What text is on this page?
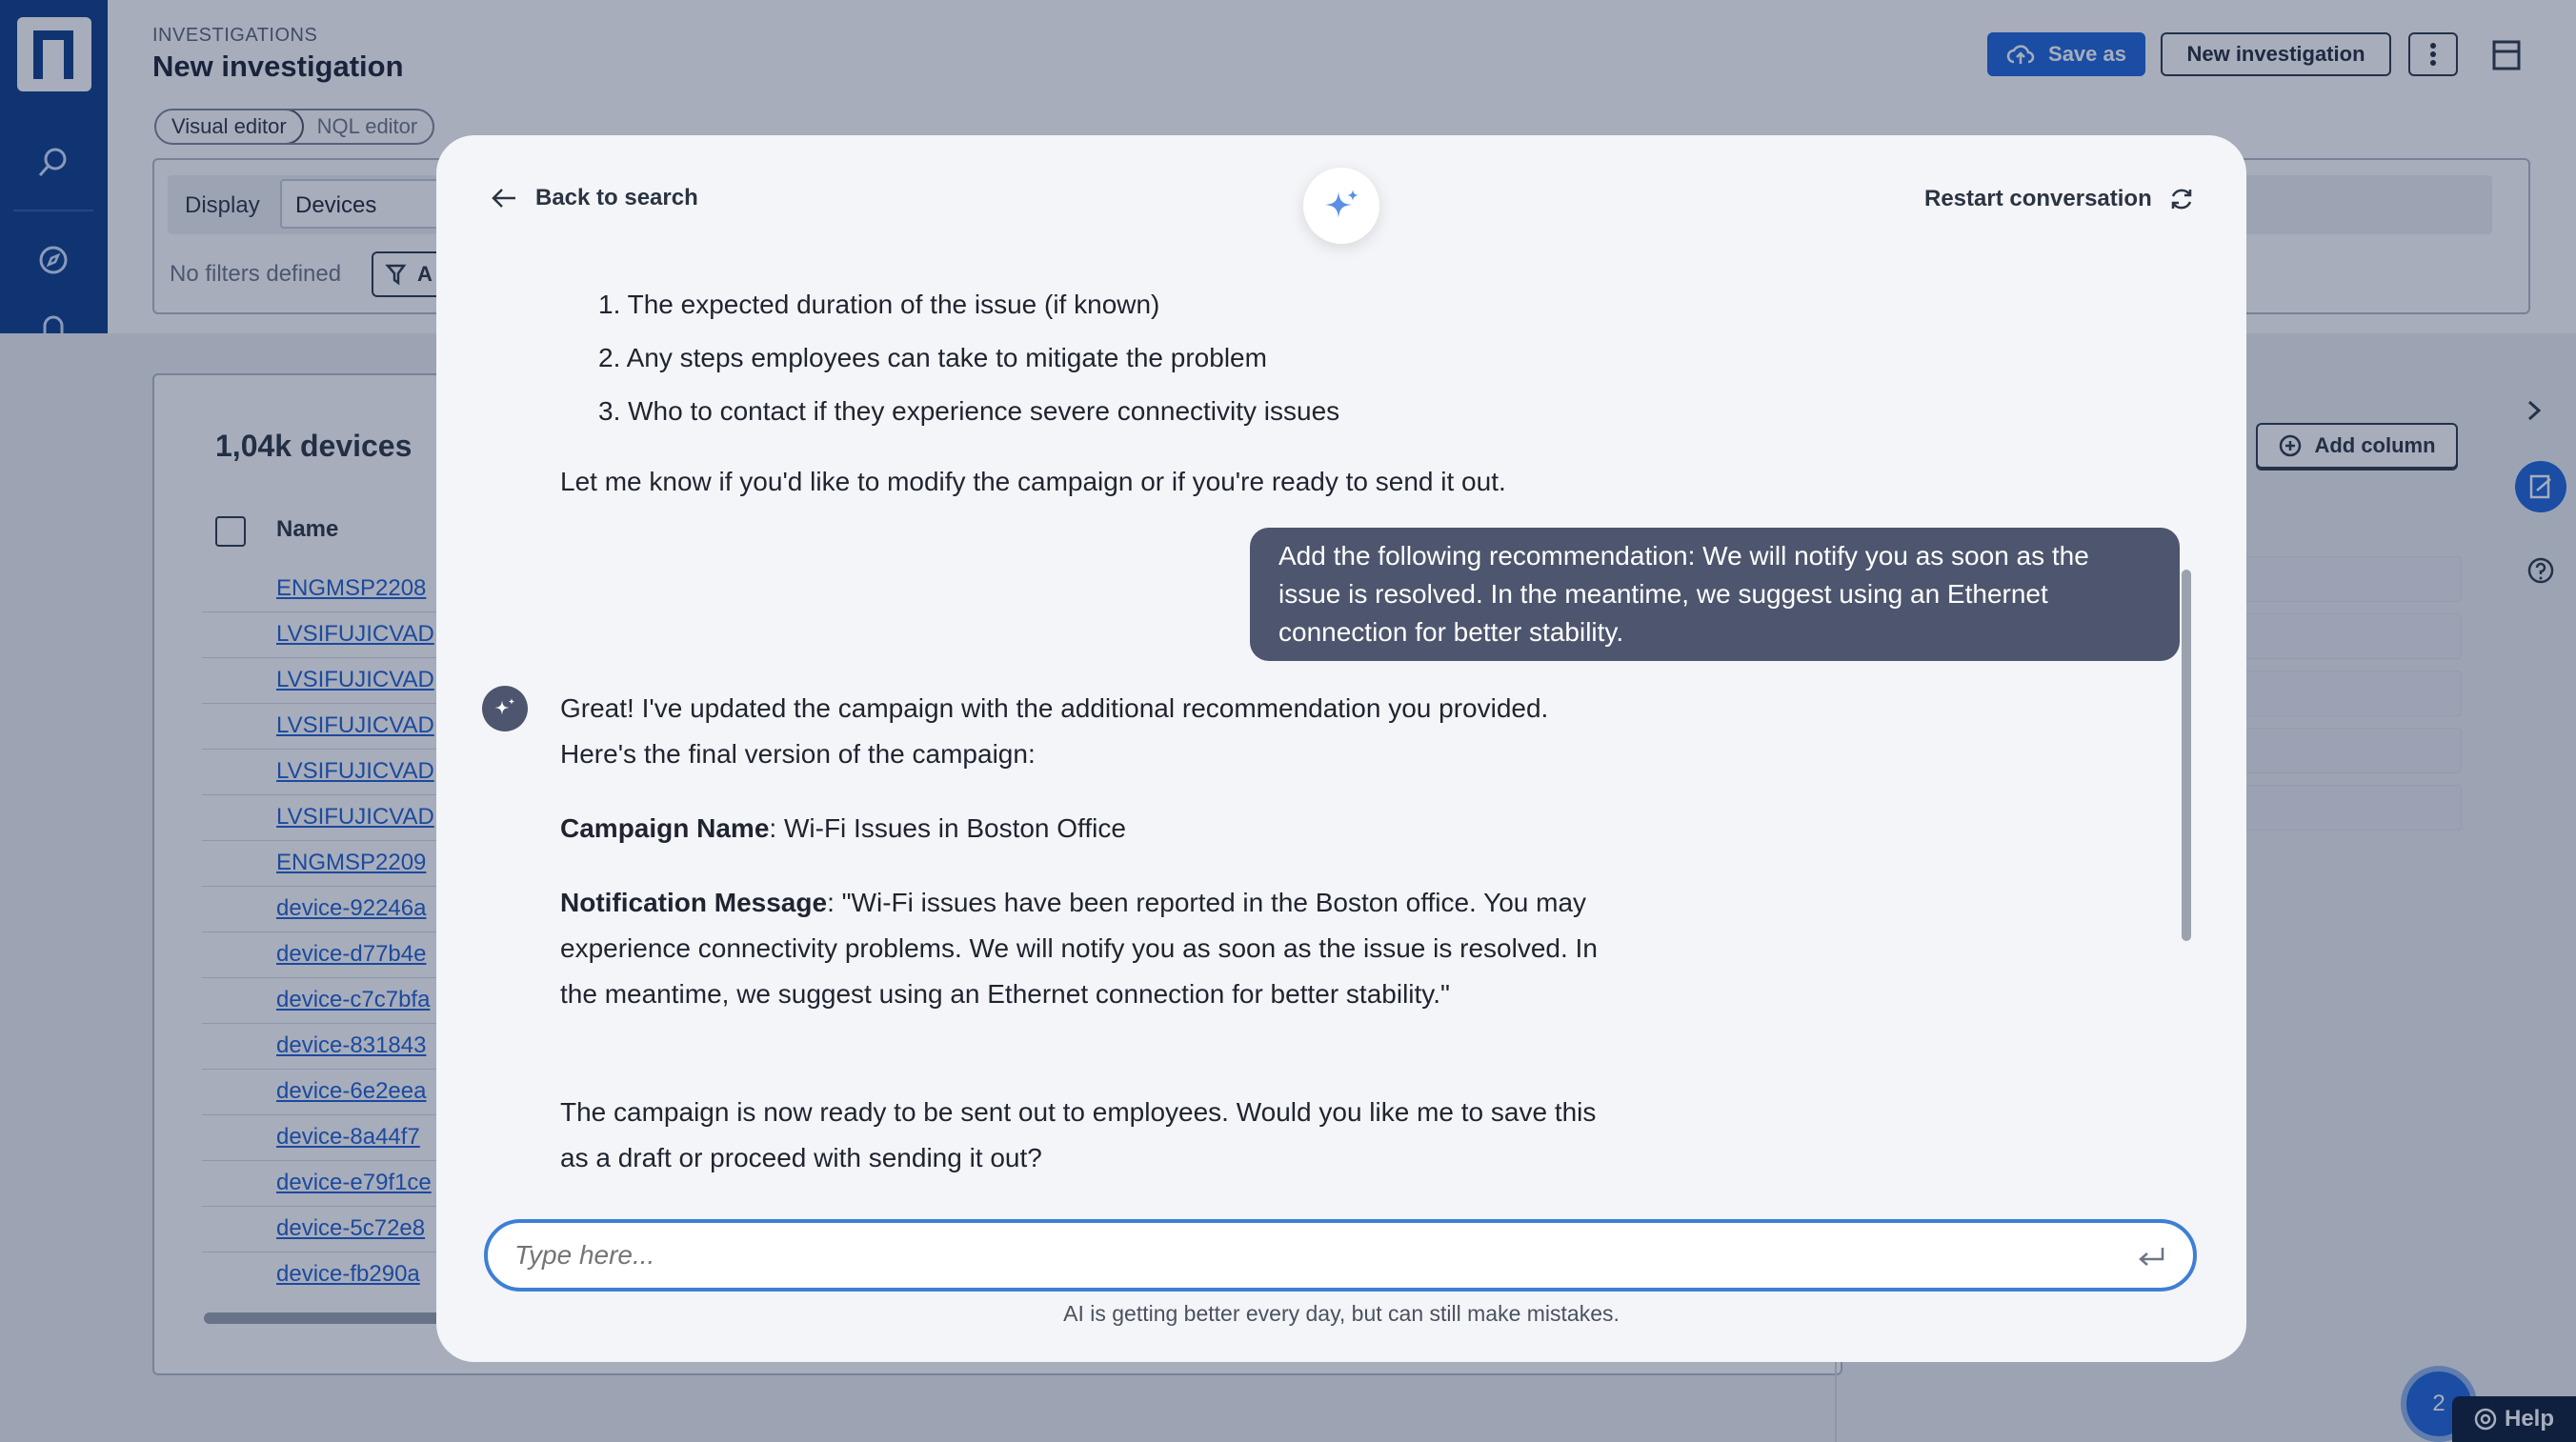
INVESTIGATIONS
New investigation	Save as	New investigation
Visual editor	NQL editor
Display	Devices
No filters defined	A
1,04k devices
Name
Add column
ENGMSP2208
LVSIFUJICVAD
LVSIFUJICVAD
LVSIFUJICVAD
LVSIFUJICVAD
LVSIFUJICVAD
ENGMSP2209
device-92246a
device-d77b4e
device-c7c7bfa
device-831843
device-6e2eea
device-8a44f7
device-e79f1ce
device-5c72e8
device-fb290a
2
Help
Back to search	Restart conversation
1. The expected duration of the issue (if known)
2. Any steps employees can take to mitigate the problem
3. Who to contact if they experience severe connectivity issues
Let me know if you'd like to modify the campaign or if you're ready to send it out.
Add the following recommendation: We will notify you as soon as the issue is resolved. In the meantime, we suggest using an Ethernet connection for better stability.
Great! I've updated the campaign with the additional recommendation you provided. Here's the final version of the campaign:
Campaign Name: Wi-Fi Issues in Boston Office
Notification Message: "Wi-Fi issues have been reported in the Boston office. You may experience connectivity problems. We will notify you as soon as the issue is resolved. In the meantime, we suggest using an Ethernet connection for better stability."
The campaign is now ready to be sent out to employees. Would you like me to save this as a draft or proceed with sending it out?
Type here...
AI is getting better every day, but can still make mistakes.
